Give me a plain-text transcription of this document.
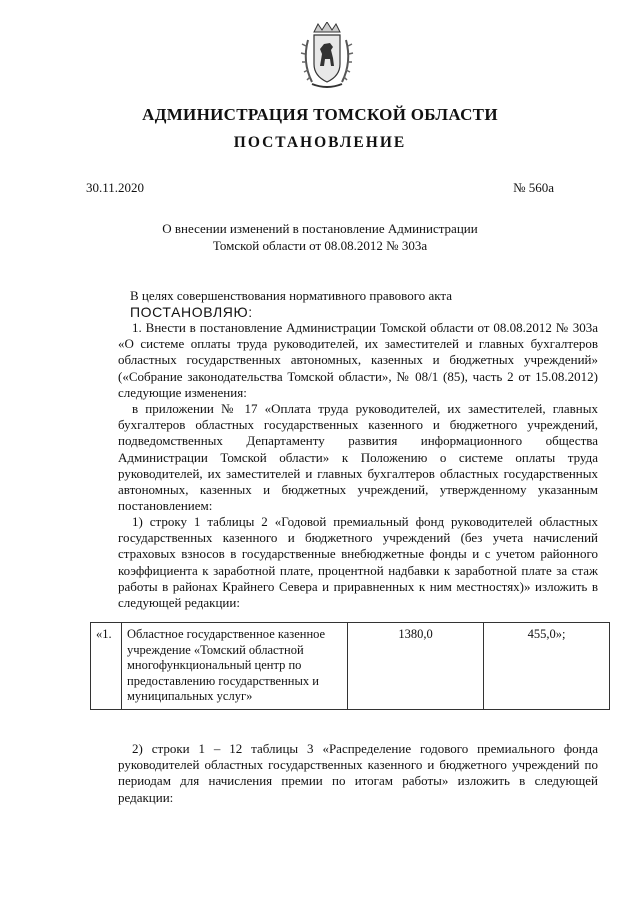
АДМИНИСТРАЦИЯ ТОМСКОЙ ОБЛАСТИ
ПОСТАНОВЛЕНИЕ
30.11.2020	№ 560а
О внесении изменений в постановление Администрации
Томской области от 08.08.2012 № 303а
В целях совершенствования нормативного правового акта
ПОСТАНОВЛЯЮ:
1. Внести в постановление Администрации Томской области от 08.08.2012 № 303а «О системе оплаты труда руководителей, их заместителей и главных бухгалтеров областных государственных автономных, казенных и бюджетных учреждений» («Собрание законодательства Томской области», № 08/1 (85), часть 2 от 15.08.2012) следующие изменения:
в приложении № 17 «Оплата труда руководителей, их заместителей, главных бухгалтеров областных государственных казенного и бюджетного учреждений, подведомственных Департаменту развития информационного общества Администрации Томской области» к Положению о системе оплаты труда руководителей, их заместителей и главных бухгалтеров областных государственных автономных, казенных и бюджетных учреждений, утвержденному указанным постановлением:
1) строку 1 таблицы 2 «Годовой премиальный фонд руководителей областных государственных казенного и бюджетного учреждений (без учета начислений страховых взносов в государственные внебюджетные фонды и с учетом районного коэффициента к заработной плате, процентной надбавки к заработной плате за стаж работы в районах Крайнего Севера и приравненных к ним местностях)» изложить в следующей редакции:
«1.	Областное государственное казенное учреждение «Томский областной многофункциональный центр по предоставлению государственных и муниципальных услуг»	1380,0	455,0»;
2) строки 1 – 12 таблицы 3 «Распределение годового премиального фонда руководителей областных государственных казенного и бюджетного учреждений по периодам для начисления премии по итогам работы» изложить в следующей редакции:
